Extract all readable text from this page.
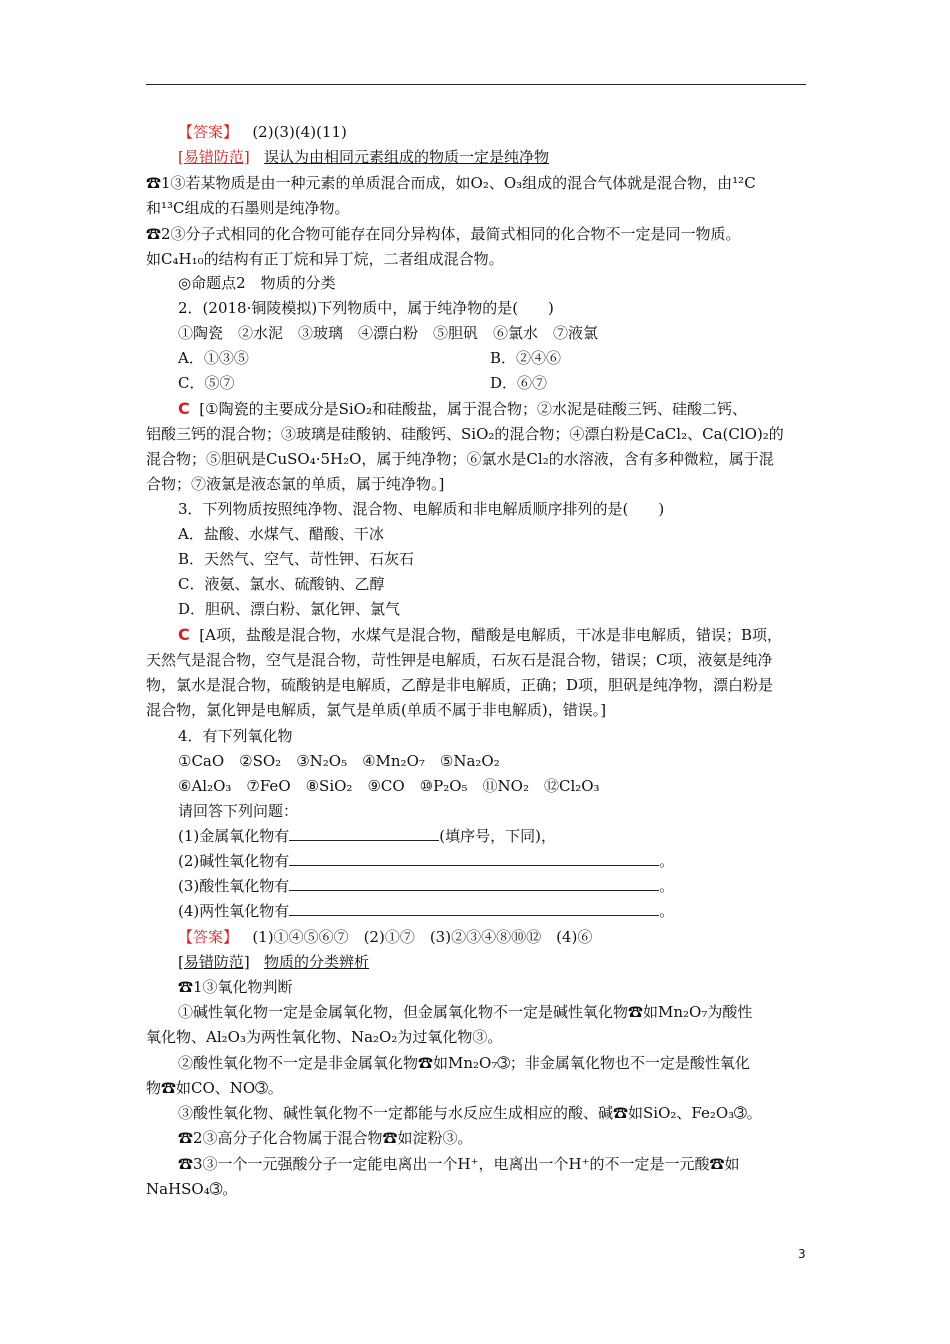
【答案】 (2)(3)(4)(11)
[易错防范] 误认为由相同元素组成的物质一定是纯净物
☎1➂若某物质是由一种元素的单质混合而成，如O₂、O₃组成的混合气体就是混合物，由¹²C
和¹³C组成的石墨则是纯净物。
☎2➂分子式相同的化合物可能存在同分异构体，最简式相同的化合物不一定是同一物质。
如C₄H₁₀的结构有正丁烷和异丁烷，二者组成混合物。
◎命题点2　物质的分类
2．(2018·铜陵模拟)下列物质中，属于纯净物的是(　　)
①陶瓷　②水泥　③玻璃　④漂白粉　⑤胆矾　⑥氯水　⑦液氯
A．①③⑤	B．②④⑥
C．⑤⑦	D．⑥⑦
C [①陶瓷的主要成分是SiO₂和硅酸盐，属于混合物；②水泥是硅酸三钙、硅酸二钙、
铝酸三钙的混合物；③玻璃是硅酸钠、硅酸钙、SiO₂的混合物；④漂白粉是CaCl₂、Ca(ClO)₂的
混合物；⑤胆矾是CuSO₄·5H₂O，属于纯净物；⑥氯水是Cl₂的水溶液，含有多种微粒，属于混
合物；⑦液氯是液态氯的单质，属于纯净物。]
3．下列物质按照纯净物、混合物、电解质和非电解质顺序排列的是(　　)
A．盐酸、水煤气、醋酸、干冰
B．天然气、空气、苛性钾、石灰石
C．液氨、氯水、硫酸钠、乙醇
D．胆矾、漂白粉、氯化钾、氯气
C [A项，盐酸是混合物，水煤气是混合物，醋酸是电解质，干冰是非电解质，错误；B项，
天然气是混合物，空气是混合物，苛性钾是电解质，石灰石是混合物，错误；C项，液氨是纯净
物，氯水是混合物，硫酸钠是电解质，乙醇是非电解质，正确；D项，胆矾是纯净物，漂白粉是
混合物，氯化钾是电解质，氯气是单质(单质不属于非电解质)，错误。]
4．有下列氧化物
①CaO　②SO₂　③N₂O₅　④Mn₂O₇　⑤Na₂O₂
⑥Al₂O₃　⑦FeO　⑧SiO₂　⑨CO　⑩P₂O₅　⑪NO₂　⑫Cl₂O₃
请回答下列问题：
(1)金属氧化物有	(填序号，下同)，
(2)碱性氧化物有	。
(3)酸性氧化物有	。
(4)两性氧化物有	。
【答案】 (1)①④⑤⑥⑦　(2)①⑦　(3)②③④⑧⑩⑫　(4)⑥
[易错防范] 物质的分类辨析
☎1➂氧化物判断
①碱性氧化物一定是金属氧化物，但金属氧化物不一定是碱性氧化物☎如Mn₂O₇为酸性
氧化物、Al₂O₃为两性氧化物、Na₂O₂为过氧化物➂。
②酸性氧化物不一定是非金属氧化物☎如Mn₂O₇➂；非金属氧化物也不一定是酸性氧化
物☎如CO、NO➂。
③酸性氧化物、碱性氧化物不一定都能与水反应生成相应的酸、碱☎如SiO₂、Fe₂O₃➂。
☎2➂高分子化合物属于混合物☎如淀粉➂。
☎3➂一个一元强酸分子一定能电离出一个H⁺，电离出一个H⁺的不一定是一元酸☎如
NaHSO₄➂。
3
